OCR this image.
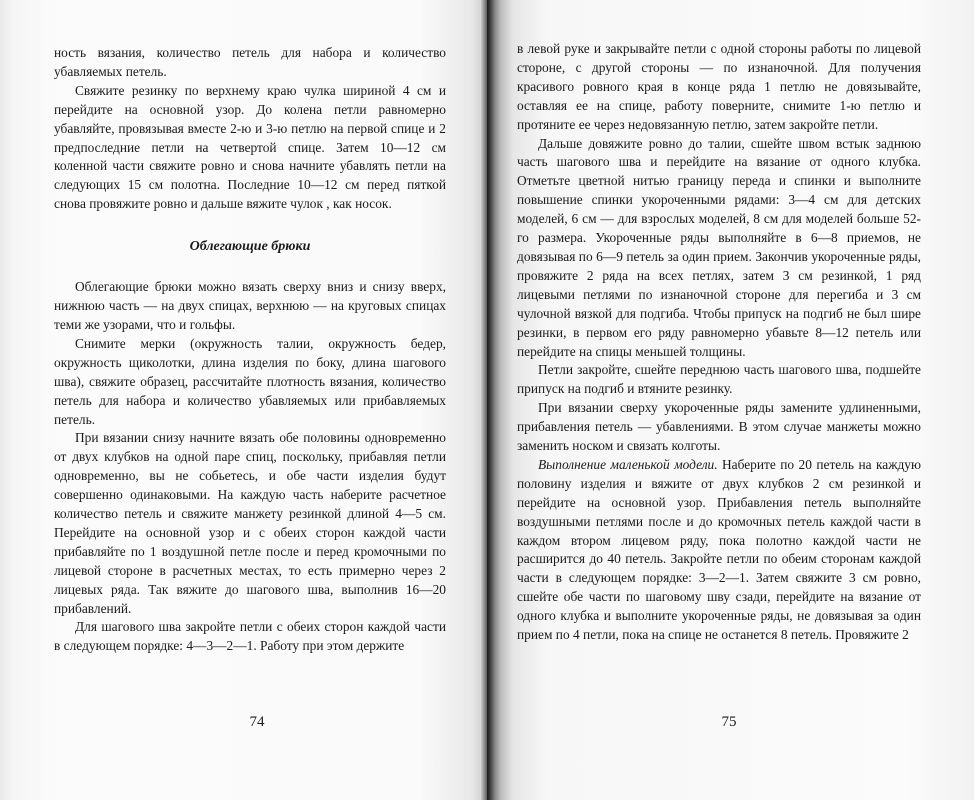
ность вязания, количество петель для набора и количество убавляемых петель.

Свяжите резинку по верхнему краю чулка шириной 4 см и перейдите на основной узор. До колена петли равномерно убавляйте, провязывая вместе 2-ю и 3-ю петлю на первой спице и 2 предпоследние петли на четвертой спице. Затем 10—12 см коленной части свяжите ровно и снова начните убавлять петли на следующих 15 см полотна. Последние 10—12 см перед пяткой снова провяжите ровно и дальше вяжите чулок , как носок.

Облегающие брюки

Облегающие брюки можно вязать сверху вниз и снизу вверх, нижнюю часть — на двух спицах, верхнюю — на круговых спицах теми же узорами, что и гольфы.

Снимите мерки (окружность талии, окружность бедер, окружность щиколотки, длина изделия по боку, длина шагового шва), свяжите образец, рассчитайте плотность вязания, количество петель для набора и количество убавляемых или прибавляемых петель.

При вязании снизу начните вязать обе половины одновременно от двух клубков на одной паре спиц, поскольку, прибавляя петли одновременно, вы не собьетесь, и обе части изделия будут совершенно одинаковыми. На каждую часть наберите расчетное количество петель и свяжите манжету резинкой длиной 4—5 см. Перейдите на основной узор и с обеих сторон каждой части прибавляйте по 1 воздушной петле после и перед кромочными по лицевой стороне в расчетных местах, то есть примерно через 2 лицевых ряда. Так вяжите до шагового шва, выполнив 16—20 прибавлений.

Для шагового шва закройте петли с обеих сторон каждой части в следующем порядке: 4—3—2—1. Работу при этом держите

74

в левой руке и закрывайте петли с одной стороны работы по лицевой стороне, с другой стороны — по изнаночной. Для получения красивого ровного края в конце ряда 1 петлю не довязывайте, оставляя ее на спице, работу поверните, снимите 1-ю петлю и протяните ее через недовязанную петлю, затем закройте петли.

Дальше довяжите ровно до талии, сшейте швом встык заднюю часть шагового шва и перейдите на вязание от одного клубка. Отметьте цветной нитью границу переда и спинки и выполните повышение спинки укороченными рядами: 3—4 см для детских моделей, 6 см — для взрослых моделей, 8 см для моделей больше 52-го размера. Укороченные ряды выполняйте в 6—8 приемов, не довязывая по 6—9 петель за один прием. Закончив укороченные ряды, провяжите 2 ряда на всех петлях, затем 3 см резинкой, 1 ряд лицевыми петлями по изнаночной стороне для перегиба и 3 см чулочной вязкой для подгиба. Чтобы припуск на подгиб не был шире резинки, в первом его ряду равномерно убавьте 8—12 петель или перейдите на спицы меньшей толщины.

Петли закройте, сшейте переднюю часть шагового шва, подшейте припуск на подгиб и втяните резинку.

При вязании сверху укороченные ряды замените удлиненными, прибавления петель — убавлениями. В этом случае манжеты можно заменить носком и связать колготы.

Выполнение маленькой модели. Наберите по 20 петель на каждую половину изделия и вяжите от двух клубков 2 см резинкой и перейдите на основной узор. Прибавления петель выполняйте воздушными петлями после и до кромочных петель каждой части в каждом втором лицевом ряду, пока полотно каждой части не расширится до 40 петель. Закройте петли по обеим сторонам каждой части в следующем порядке: 3—2—1. Затем свяжите 3 см ровно, сшейте обе части по шаговому шву сзади, перейдите на вязание от одного клубка и выполните укороченные ряды, не довязывая за один прием по 4 петли, пока на спице не останется 8 петель. Провяжите 2

75
